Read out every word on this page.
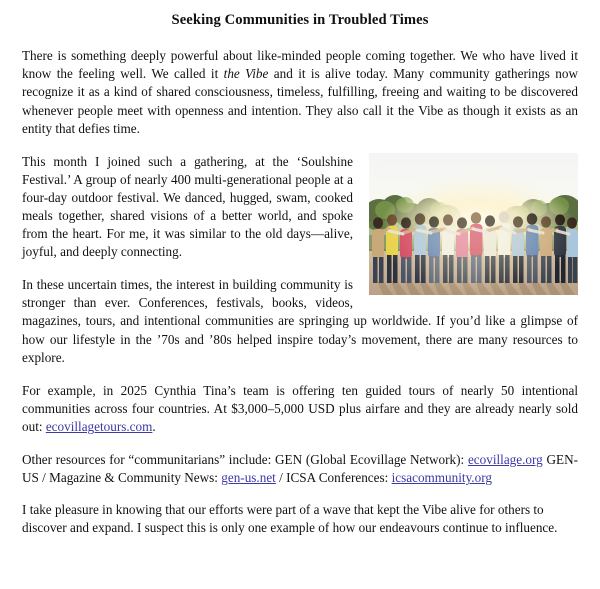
Seeking Communities in Troubled Times

There is something deeply powerful about like-minded people coming together. We who have lived it know the feeling well. We called it the Vibe and it is alive today. Many community gatherings now recognize it as a kind of shared consciousness, timeless, fulfilling, freeing and waiting to be discovered whenever people meet with openness and intention. They also call it the Vibe as though it exists as an entity that defies time.

This month I joined such a gathering, at the ‘Soulshine Festival.’ A group of nearly 400 multi-generational people at a four-day outdoor festival. We danced, hugged, swam, cooked meals together, shared visions of a better world, and spoke from the heart. For me, it was similar to the old days—alive, joyful, and deeply connecting.

In these uncertain times, the interest in building community is stronger than ever. Conferences, festivals, books, videos, magazines, tours, and intentional communities are springing up worldwide. If you’d like a glimpse of how our lifestyle in the ’70s and ’80s helped inspire today’s movement, there are many resources to explore.

For example, in 2025 Cynthia Tina’s team is offering ten guided tours of nearly 50 intentional communities across four countries. At $3,000–5,000 USD plus airfare and they are already nearly sold out: ecovillagetours.com.

Other resources for “communitarians” include: GEN (Global Ecovillage Network): ecovillage.org GEN-US / Magazine & Community News: gen-us.net / ICSA Conferences: icsacommunity.org

I take pleasure in knowing that our efforts were part of a wave that kept the Vibe alive for others to discover and expand. I suspect this is only one example of how our endeavours continue to influence.
